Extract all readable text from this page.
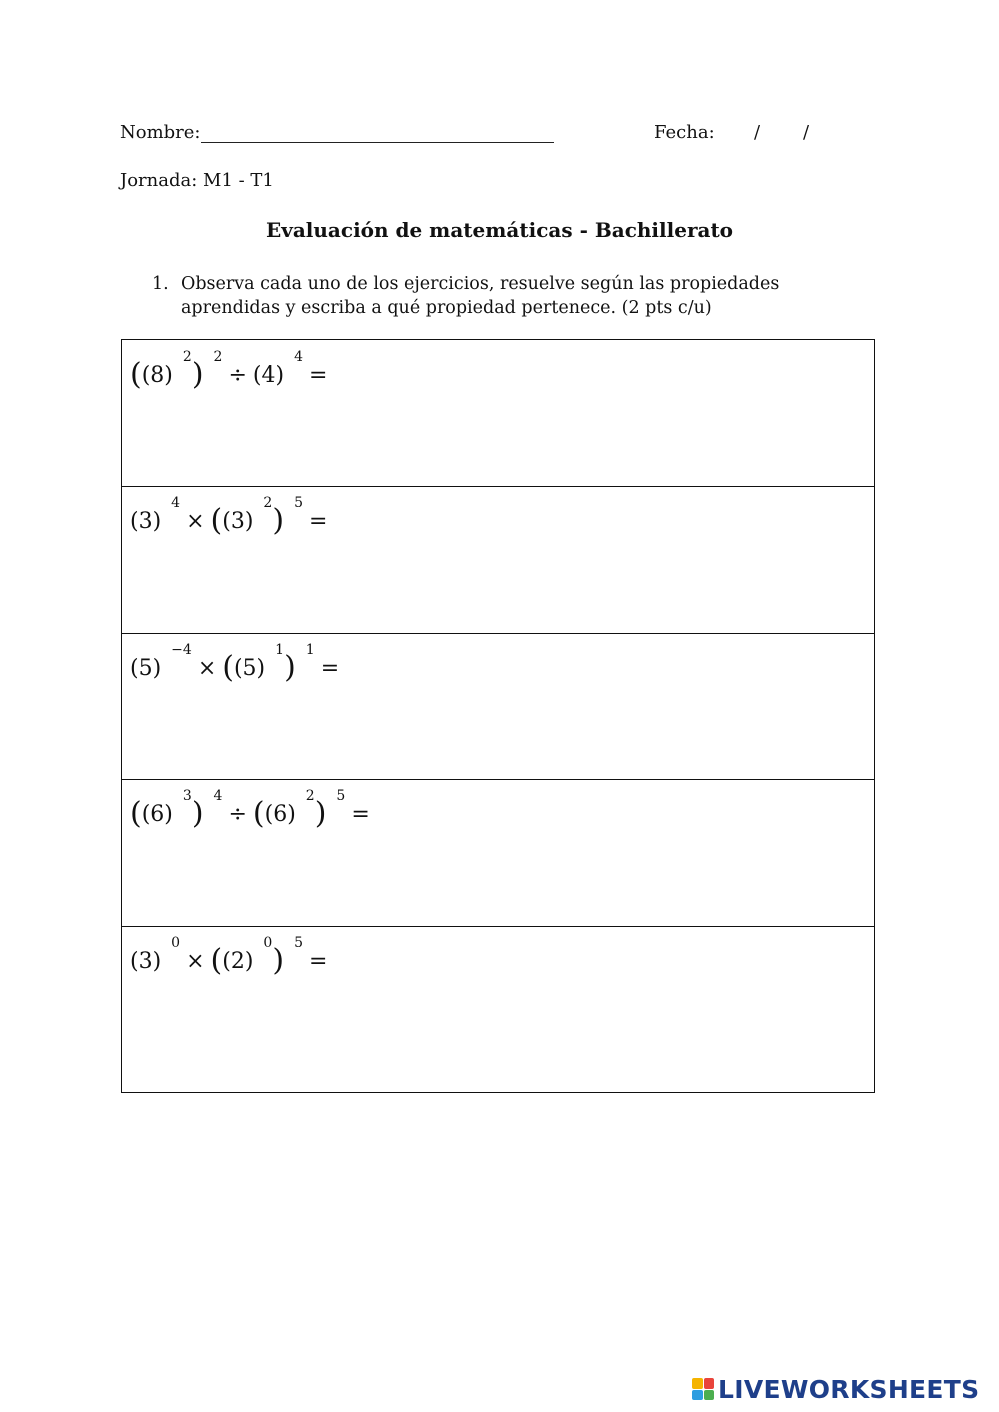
Nombre:	Fecha: / /
Jornada: M1 - T1
Evaluación de matemáticas - Bachillerato
1. Observa cada uno de los ejercicios, resuelve según las propiedades aprendidas y escriba a qué propiedad pertenece. (2 pts c/u)
$((8)^2)$ $^2\div (4)^4=$
$(3)^4\times ((3)^2)$ $^5$=
$(5)^{-4}\times ((5)^1)$ $^1$=
$((6)^3)$ $^4\div ((6)^2)$ $^5$=
$(3)^0\times ((2)^0)$ $^5$=
LIVEWORKSHEETS
